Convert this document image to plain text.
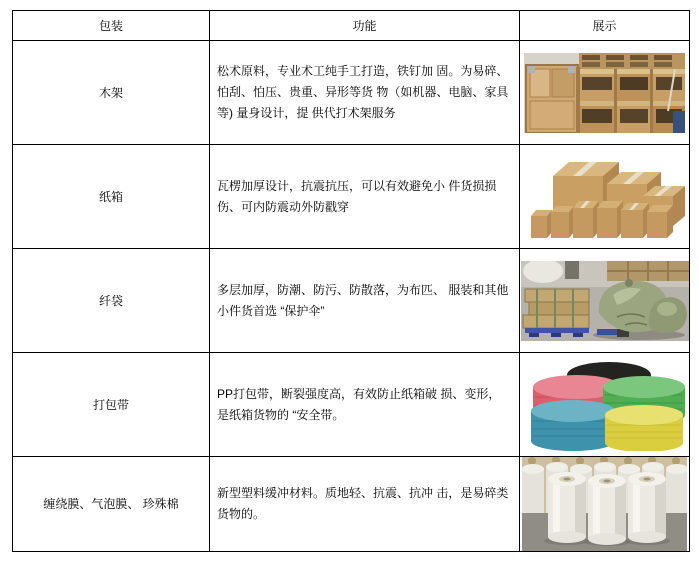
包装	功能	展示
木架	松术原料，专业术工纯手工打造，铁钉加 固。为易碎、怕刮、怕压、贵重、异形等货 物（如机器、电脑、家具等) 量身设计，提 供代打术架服务

纸箱	瓦楞加厚设计，抗震抗压，可以有效避免小 件货损损伤、可内防震动外防戳穿

纤袋	多层加厚，防潮、防污、防散落，为布匹、 服装和其他小件货首选 “保护伞”

打包带	PP打包带，断裂强度高，有效防止纸箱破 损、变形，是纸箱货物的 “安全带。

缠绕膜、气泡膜、 珍殊棉	新型塑料缓冲材料。质地轻、抗震、抗冲 击，是易碎类货物的。
